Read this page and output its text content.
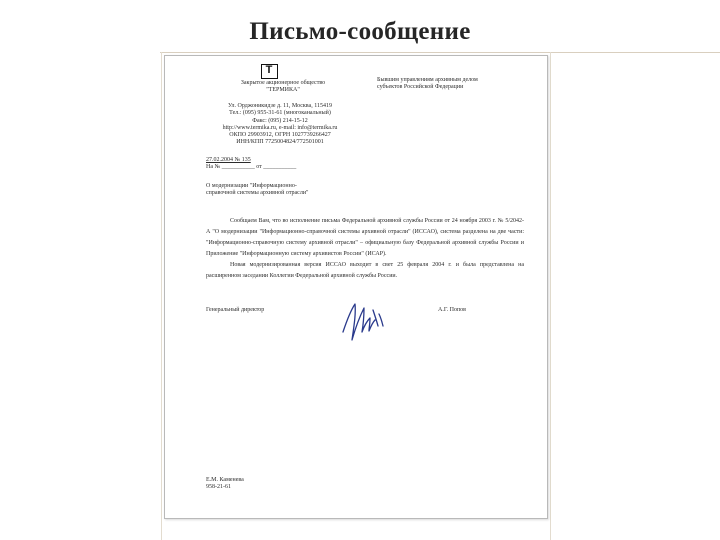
Письмо-сообщение
T
Закрытое акционерное общество
"ТЕРМИКА"
Ул. Орджоникидзе д. 11, Москва, 115419
Тел.: (095) 955-31-61 (многоканальный)
Факс: (095) 214-15-12
http://www.termika.ru, e-mail: info@termika.ru
ОКПО 29903912, ОГРН 1027739266427
ИНН/КПП 7725004824/772501001
Бывшим управлениям архивным делом
субъектов Российской Федерации
27.02.2004 № 135
На № ___________ от ___________
О модернизации "Информационно-
справочной системы архивной отрасли"

Сообщаем Вам, что во исполнение письма Федеральной архивной службы России от 24 ноября 2003 г. № 5/2042-А "О модернизации "Информационно-справочной системы архивной отрасли" (ИССАО), система разделена на две части: "Информационно-справочную систему архивной отрасли" – официальную базу Федеральной архивной службы России и Приложение "Информационную систему архивистов России" (ИСАР).

Новая модернизированная версия ИССАО выходит в свет 25 февраля 2004 г. и была представлена на расширенном заседании Коллегии Федеральной архивной службы России.

Генеральный директор	А.Г. Попов
Е.М. Каменева
958-21-61
